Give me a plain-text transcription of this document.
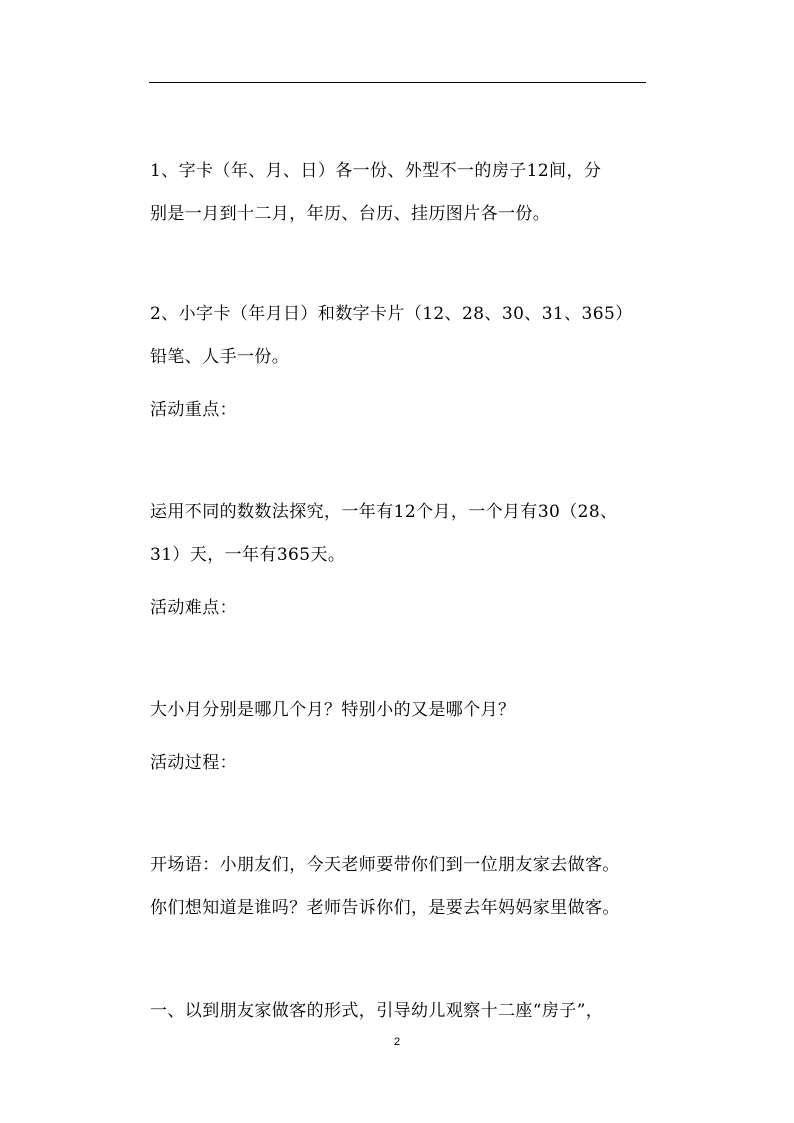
1、字卡（年、月、日）各一份、外型不一的房子12间，分
别是一月到十二月，年历、台历、挂历图片各一份。
2、小字卡（年月日）和数字卡片（12、28、30、31、365）
铅笔、人手一份。
活动重点：
运用不同的数数法探究，一年有12个月，一个月有30（28、
31）天，一年有365天。
活动难点：
大小月分别是哪几个月？特别小的又是哪个月？
活动过程：
开场语：小朋友们，今天老师要带你们到一位朋友家去做客。
你们想知道是谁吗？老师告诉你们，是要去年妈妈家里做客。
一、以到朋友家做客的形式，引导幼儿观察十二座“房子”，
2
